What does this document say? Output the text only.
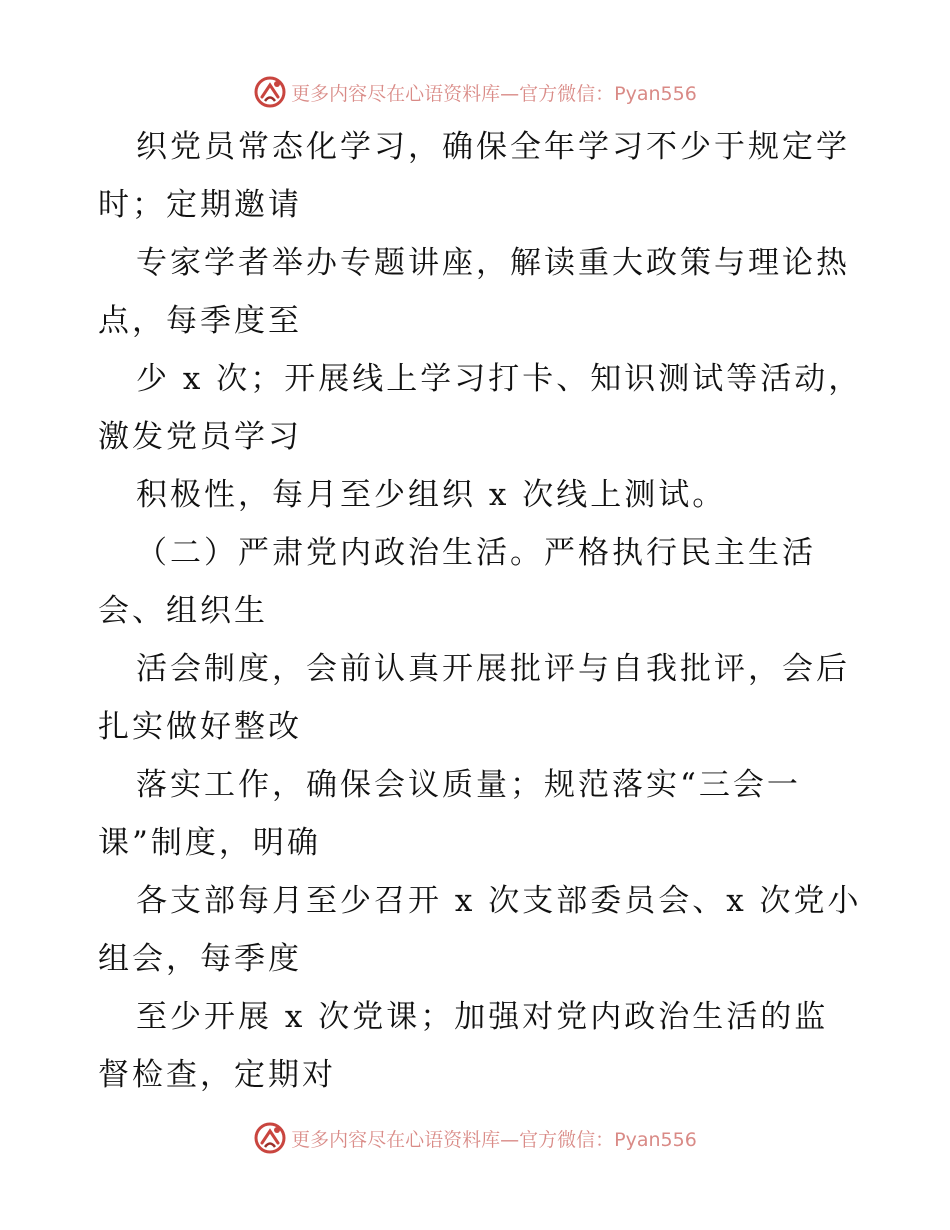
更多内容尽在心语资料库—官方微信：Pyan556
织党员常态化学习，确保全年学习不少于规定学
时；定期邀请
专家学者举办专题讲座，解读重大政策与理论热
点，每季度至
少 x 次；开展线上学习打卡、知识测试等活动，
激发党员学习
积极性，每月至少组织 x 次线上测试。
（二）严肃党内政治生活。严格执行民主生活
会、组织生
活会制度，会前认真开展批评与自我批评，会后
扎实做好整改
落实工作，确保会议质量；规范落实“三会一
课”制度，明确
各支部每月至少召开 x 次支部委员会、x 次党小
组会，每季度
至少开展 x 次党课；加强对党内政治生活的监
督检查，定期对
更多内容尽在心语资料库—官方微信：Pyan556
